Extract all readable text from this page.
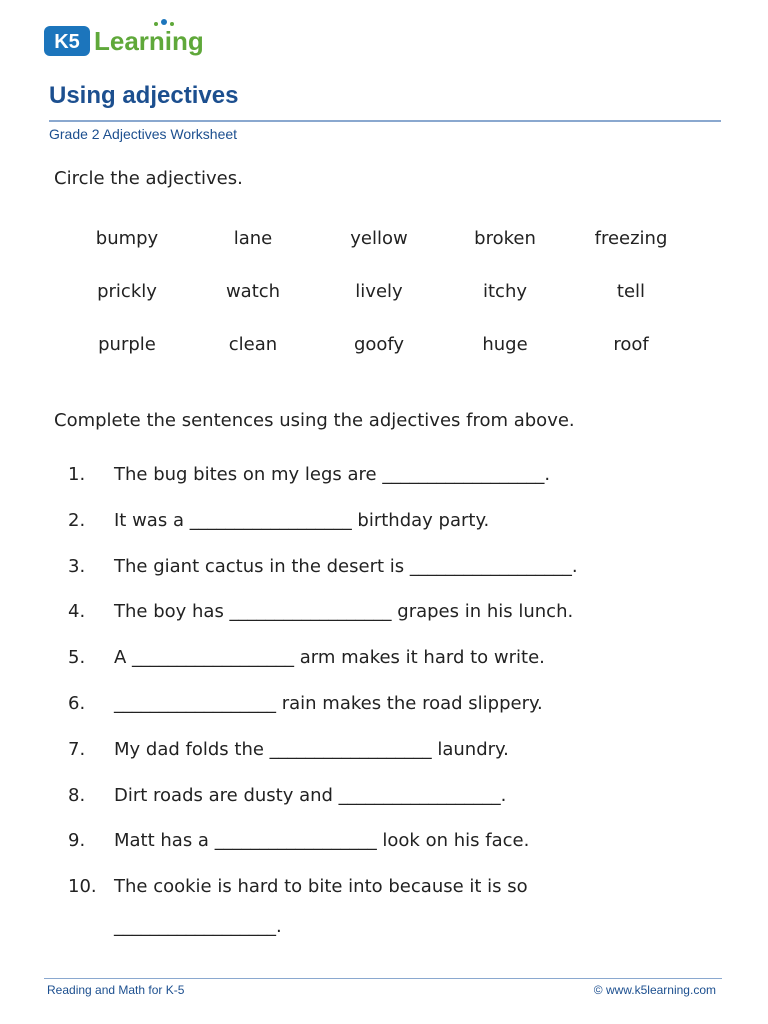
K5 Learning
Using adjectives
Grade 2 Adjectives Worksheet
Circle the adjectives.
bumpy	lane	yellow	broken	freezing
prickly	watch	lively	itchy	tell
purple	clean	goofy	huge	roof
Complete the sentences using the adjectives from above.
1.	The bug bites on my legs are __________________.
2.	It was a __________________ birthday party.
3.	The giant cactus in the desert is __________________.
4.	The boy has __________________ grapes in his lunch.
5.	A __________________ arm makes it hard to write.
6.	__________________ rain makes the road slippery.
7.	My dad folds the __________________ laundry.
8.	Dirt roads are dusty and __________________.
9.	Matt has a __________________ look on his face.
10. The cookie is hard to bite into because it is so
__________________.
Reading and Math for K-5	© www.k5learning.com
